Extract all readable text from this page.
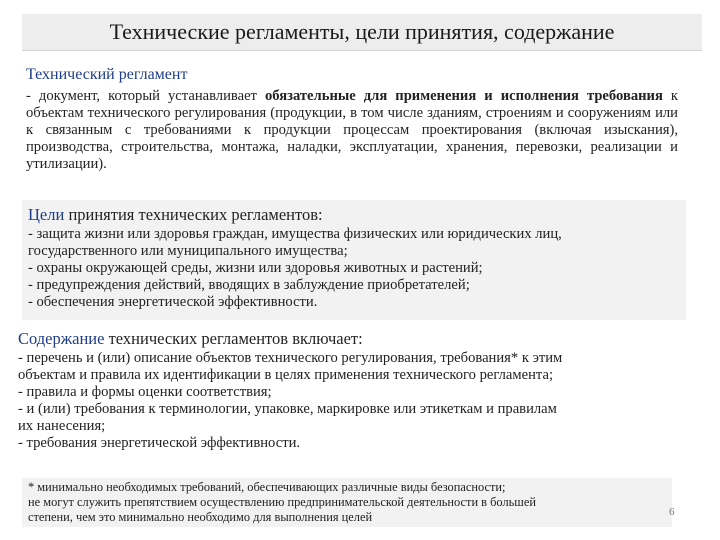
Технические регламенты, цели принятия, содержание
Технический регламент
- документ, который устанавливает обязательные для применения и исполнения требования к объектам технического регулирования (продукции, в том числе зданиям, строениям и сооружениям или к связанным с требованиями к продукции процессам проектирования (включая изыскания), производства, строительства, монтажа, наладки, эксплуатации, хранения, перевозки, реализации и утилизации).
Цели принятия технических регламентов:
- защита жизни или здоровья граждан, имущества физических или юридических лиц,
государственного или муниципального имущества;
- охраны окружающей среды, жизни или здоровья животных и растений;
- предупреждения действий, вводящих в заблуждение приобретателей;
- обеспечения энергетической эффективности.
Содержание технических регламентов включает:
- перечень и (или) описание объектов технического регулирования, требования* к этим
объектам и правила их идентификации в целях применения технического регламента;
- правила и формы оценки соответствия;
- и (или) требования к терминологии, упаковке, маркировке или этикеткам и правилам
их нанесения;
- требования энергетической эффективности.
* минимально необходимых требований, обеспечивающих различные виды безопасности;
не могут служить препятствием осуществлению предпринимательской деятельности в большей
степени, чем это минимально необходимо для выполнения целей	6
